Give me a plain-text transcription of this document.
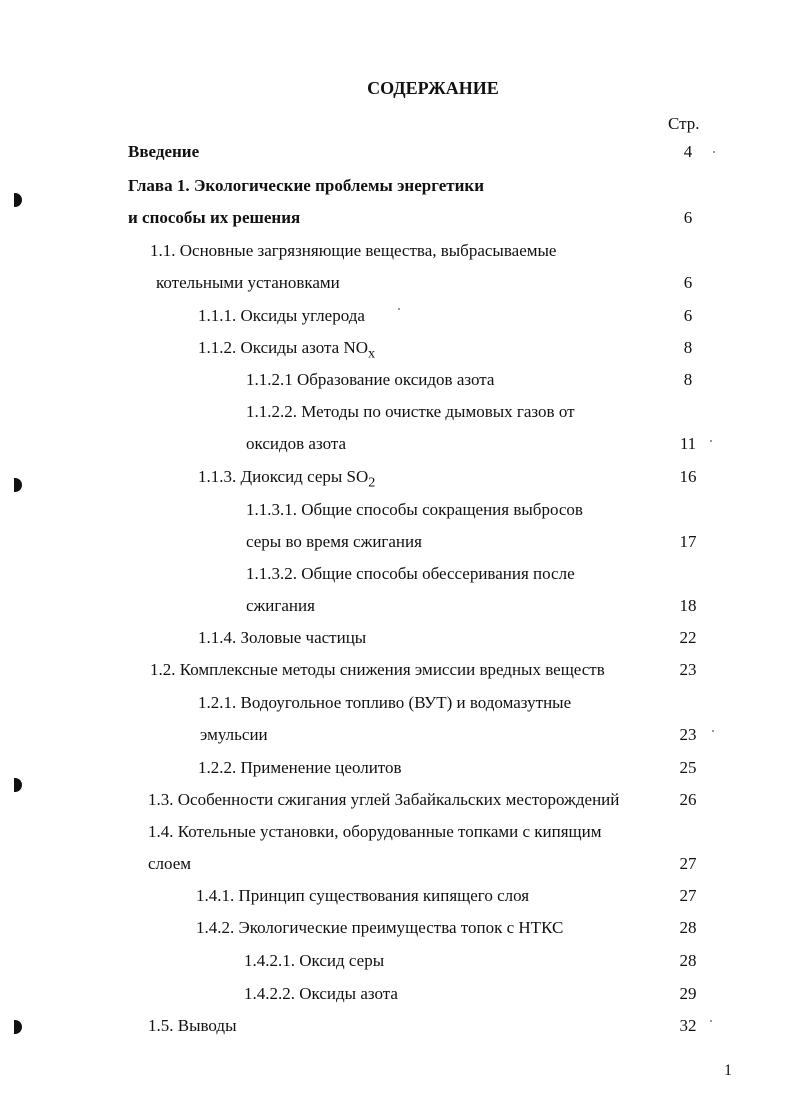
СОДЕРЖАНИЕ
Стр.
Введение	4
Глава 1. Экологические проблемы энергетики
и способы их решения	6
1.1. Основные загрязняющие вещества, выбрасываемые
котельными установками	6
1.1.1. Оксиды углерода	6
1.1.2. Оксиды азота $NO_x$	8
1.1.2.1 Образование оксидов азота	8
1.1.2.2. Методы по очистке дымовых газов от
оксидов азота	11
1.1.3. Диоксид серы $SO_2$	16
1.1.3.1. Общие способы сокращения выбросов
серы во время сжигания	17
1.1.3.2. Общие способы обессеривания после
сжигания	18
1.1.4. Золовые частицы	22
1.2. Комплексные методы снижения эмиссии вредных веществ	23
1.2.1. Водоугольное топливо (ВУТ) и водомазутные
эмульсии	23
1.2.2. Применение цеолитов	25
1.3. Особенности сжигания углей Забайкальских месторождений	26
1.4. Котельные установки, оборудованные топками с кипящим
слоем	27
1.4.1. Принцип существования кипящего слоя	27
1.4.2. Экологические преимущества топок с НТКС	28
1.4.2.1. Оксид серы	28
1.4.2.2. Оксиды азота	29
1.5. Выводы	32
1
